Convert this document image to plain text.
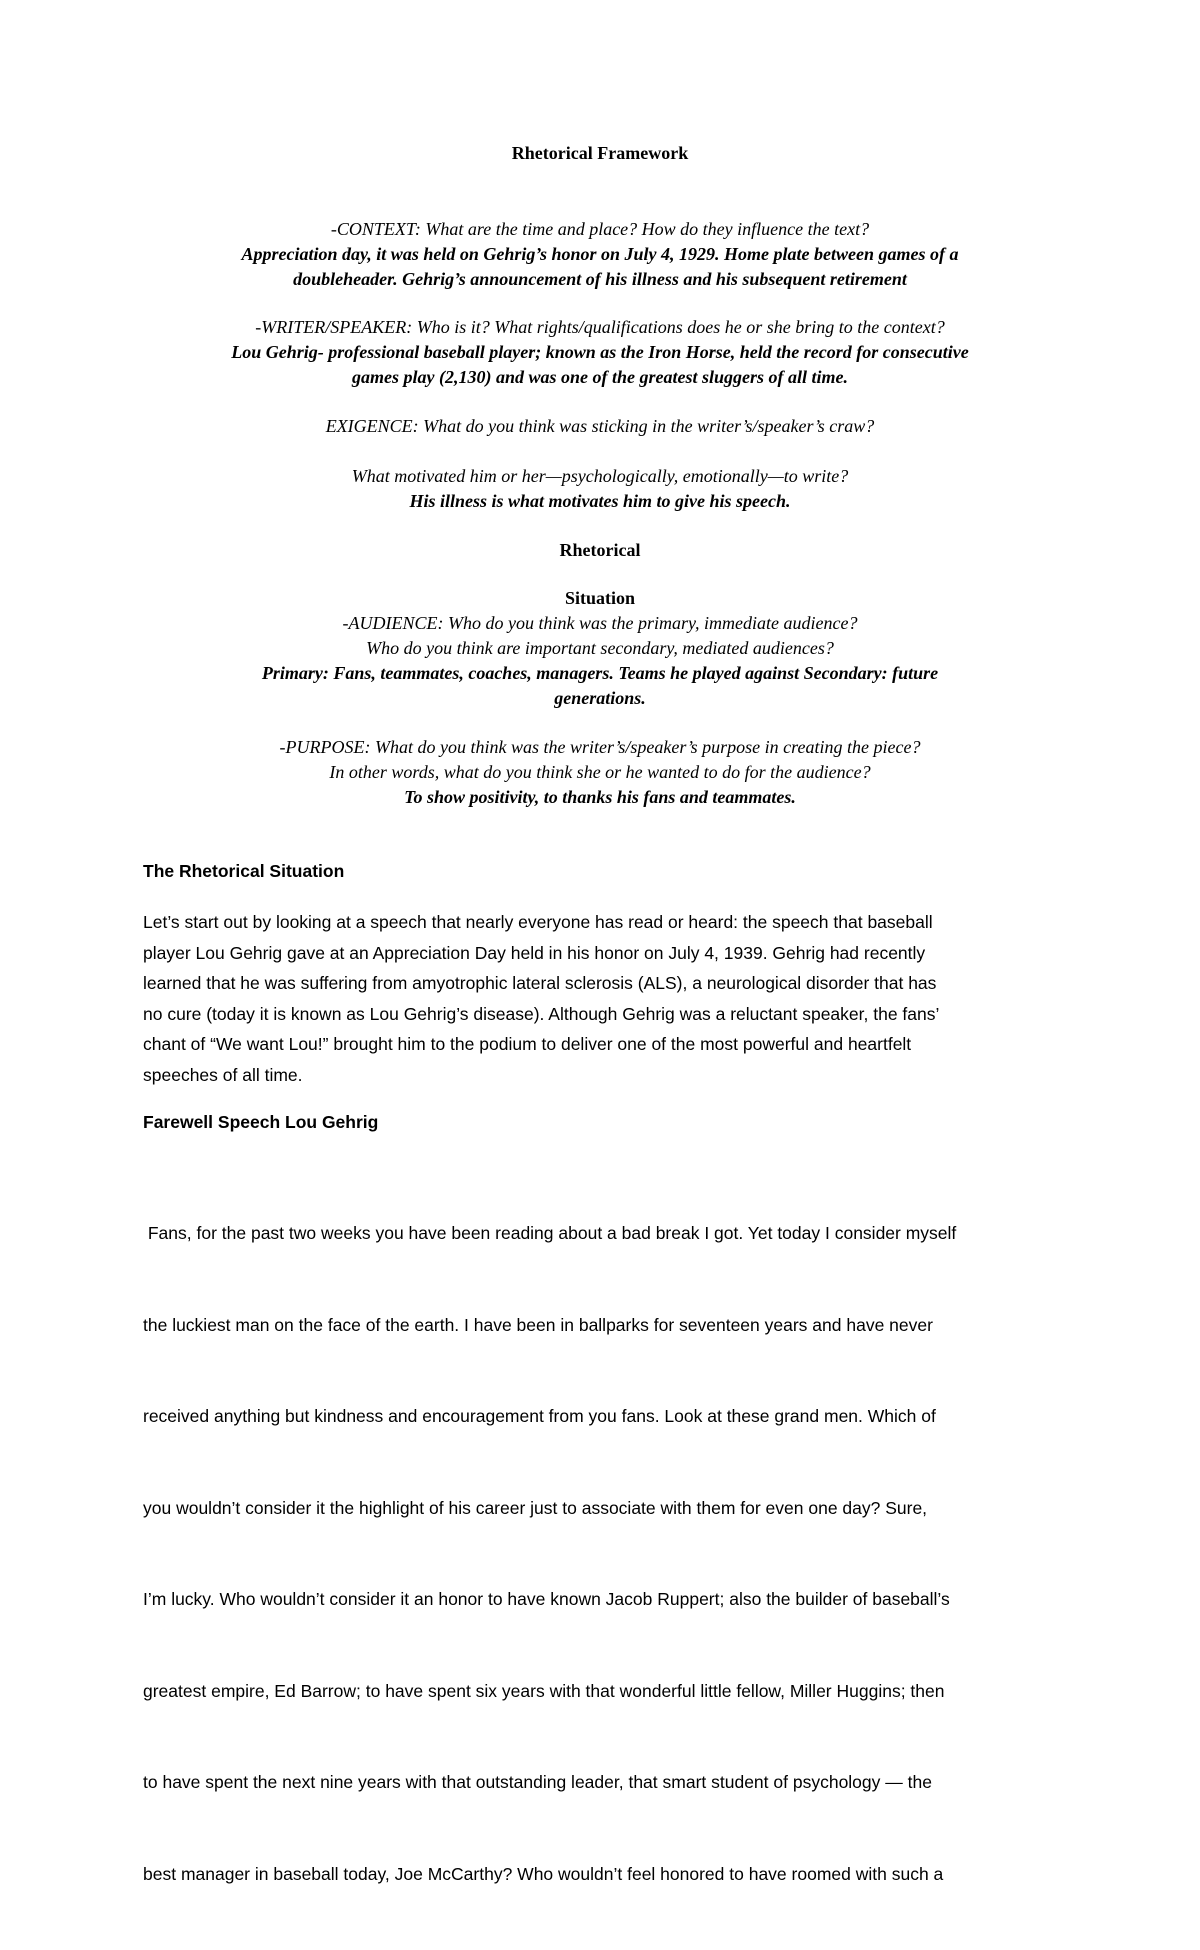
Rhetorical Framework
-CONTEXT: What are the time and place? How do they influence the text?
Appreciation day, it was held on Gehrig’s honor on July 4, 1929. Home plate between games of a
doubleheader. Gehrig’s announcement of his illness and his subsequent retirement
-WRITER/SPEAKER: Who is it? What rights/qualifications does he or she bring to the context?
Lou Gehrig- professional baseball player; known as the Iron Horse, held the record for consecutive
games play (2,130) and was one of the greatest sluggers of all time.
EXIGENCE: What do you think was sticking in the writer’s/speaker’s craw?
What motivated him or her—psychologically, emotionally—to write?
His illness is what motivates him to give his speech.
Rhetorical
Situation
-AUDIENCE: Who do you think was the primary, immediate audience?
Who do you think are important secondary, mediated audiences?
Primary: Fans, teammates, coaches, managers. Teams he played against Secondary: future
generations.
-PURPOSE: What do you think was the writer’s/speaker’s purpose in creating the piece?
In other words, what do you think she or he wanted to do for the audience?
To show positivity, to thanks his fans and teammates.
The Rhetorical Situation
Let’s start out by looking at a speech that nearly everyone has read or heard: the speech that baseball
player Lou Gehrig gave at an Appreciation Day held in his honor on July 4, 1939. Gehrig had recently
learned that he was suffering from amyotrophic lateral sclerosis (ALS), a neurological disorder that has
no cure (today it is known as Lou Gehrig’s disease). Although Gehrig was a reluctant speaker, the fans’
chant of “We want Lou!” brought him to the podium to deliver one of the most powerful and heartfelt
speeches of all time.
Farewell Speech Lou Gehrig

Fans, for the past two weeks you have been reading about a bad break I got. Yet today I consider myself

the luckiest man on the face of the earth. I have been in ballparks for seventeen years and have never

received anything but kindness and encouragement from you fans. Look at these grand men. Which of

you wouldn’t consider it the highlight of his career just to associate with them for even one day? Sure,

I’m lucky. Who wouldn’t consider it an honor to have known Jacob Ruppert; also the builder of baseball’s

greatest empire, Ed Barrow; to have spent six years with that wonderful little fellow, Miller Huggins; then

to have spent the next nine years with that outstanding leader, that smart student of psychology — the

best manager in baseball today, Joe McCarthy? Who wouldn’t feel honored to have roomed with such a
